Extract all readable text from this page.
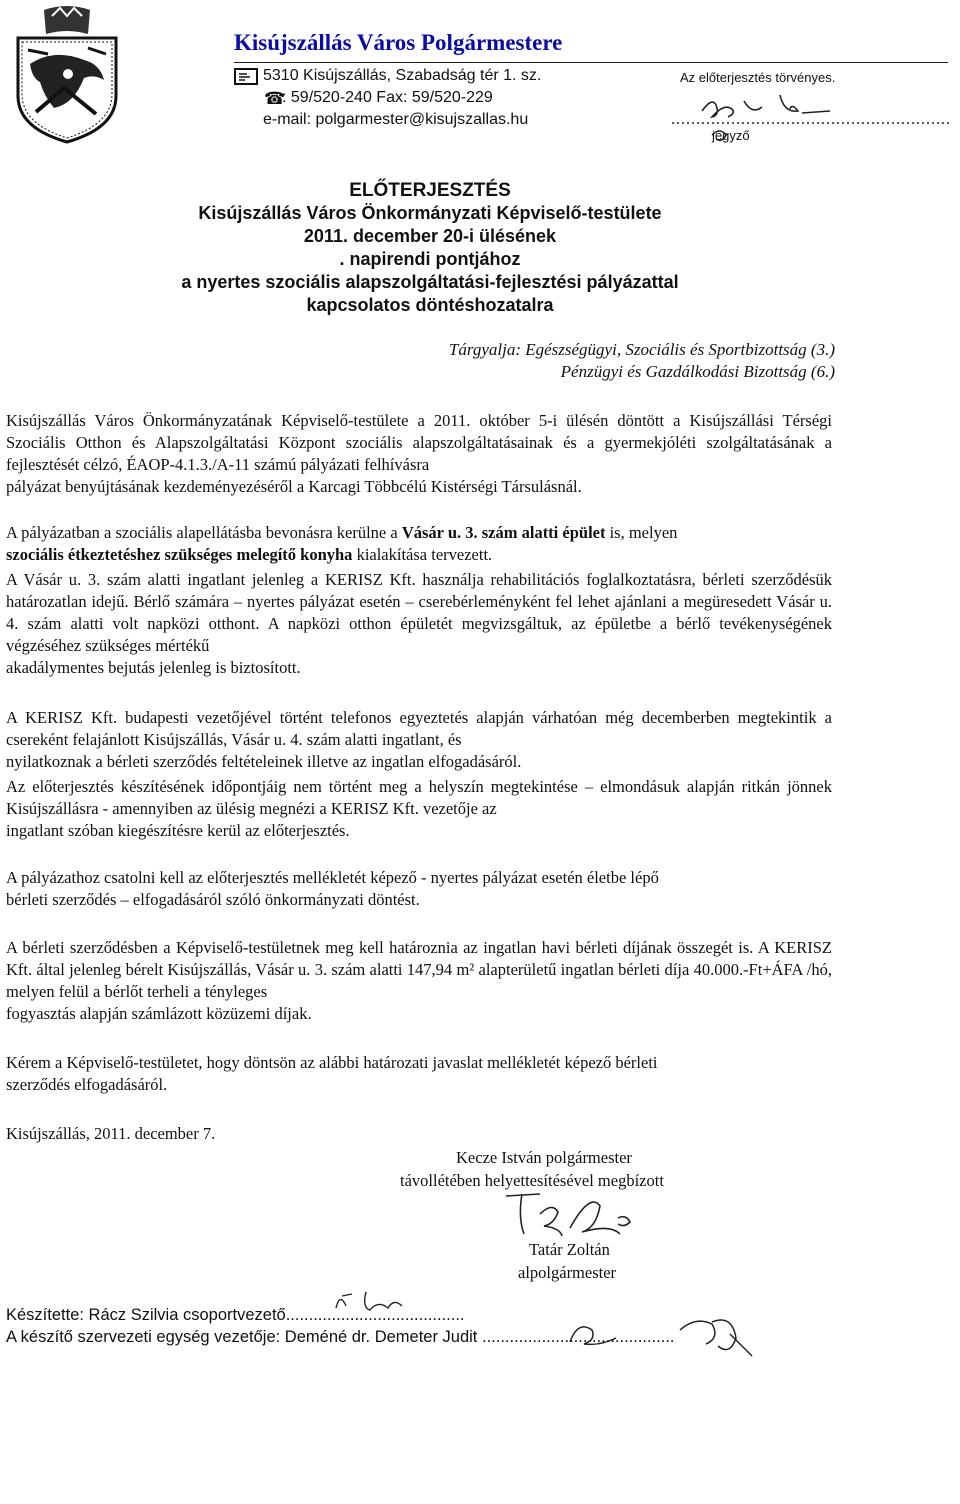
Kisújszállás Város Polgármestere
5310 Kisújszállás, Szabadság tér 1. sz.
☎
: 59/520-240 Fax: 59/520-229
e-mail: polgarmester@kisujszallas.hu
Az előterjesztés törvényes.
jegyző
ELŐTERJESZTÉS
Kisújszállás Város Önkormányzati Képviselő-testülete
2011. december 20-i ülésének
. napirendi pontjához
a nyertes szociális alapszolgáltatási-fejlesztési pályázattal
kapcsolatos döntéshozatalra
Tárgyalja: Egészségügyi, Szociális és Sportbizottság (3.)
Pénzügyi és Gazdálkodási Bizottság (6.)
Kisújszállás Város Önkormányzatának Képviselő-testülete a 2011. október 5-i ülésén döntött a Kisújszállási Térségi Szociális Otthon és Alapszolgáltatási Központ szociális alapszolgáltatásainak és a gyermekjóléti szolgáltatásának a fejlesztését célzó, ÉAOP-4.1.3./A-11 számú pályázati felhívásra
pályázat benyújtásának kezdeményezéséről a Karcagi Többcélú Kistérségi Társulásnál.
A pályázatban a szociális alapellátásba bevonásra kerülne a Vásár u. 3. szám alatti épület is, melyen
szociális étkeztetéshez szükséges melegítő konyha kialakítása tervezett.
A Vásár u. 3. szám alatti ingatlant jelenleg a KERISZ Kft. használja rehabilitációs foglalkoztatásra, bérleti szerződésük határozatlan idejű. Bérlő számára – nyertes pályázat esetén – cserebérleményként fel lehet ajánlani a megüresedett Vásár u. 4. szám alatti volt napközi otthont. A napközi otthon épületét megvizsgáltuk, az épületbe a bérlő tevékenységének végzéséhez szükséges mértékű
akadálymentes bejutás jelenleg is biztosított.
A KERISZ Kft. budapesti vezetőjével történt telefonos egyeztetés alapján várhatóan még decemberben megtekintik a csereként felajánlott Kisújszállás, Vásár u. 4. szám alatti ingatlant, és
nyilatkoznak a bérleti szerződés feltételeinek illetve az ingatlan elfogadásáról.
Az előterjesztés készítésének időpontjáig nem történt meg a helyszín megtekintése – elmondásuk alapján ritkán jönnek Kisújszállásra - amennyiben az ülésig megnézi a KERISZ Kft. vezetője az
ingatlant szóban kiegészítésre kerül az előterjesztés.
A pályázathoz csatolni kell az előterjesztés mellékletét képező - nyertes pályázat esetén életbe lépő
bérleti szerződés – elfogadásáról szóló önkormányzati döntést.
A bérleti szerződésben a Képviselő-testületnek meg kell határoznia az ingatlan havi bérleti díjának összegét is. A KERISZ Kft. által jelenleg bérelt Kisújszállás, Vásár u. 3. szám alatti 147,94 m² alapterületű ingatlan bérleti díja 40.000.-Ft+ÁFA /hó, melyen felül a bérlőt terheli a tényleges
fogyasztás alapján számlázott közüzemi díjak.
Kérem a Képviselő-testületet, hogy döntsön az alábbi határozati javaslat mellékletét képező bérleti
szerződés elfogadásáról.
Kisújszállás, 2011. december 7.
Kecze István polgármester
távollétében helyettesítésével megbízott
Tatár Zoltán
alpolgármester
Készítette: Rácz Szilvia csoportvezető.......................................
A készítő szervezeti egység vezetője: Deméné dr. Demeter Judit ..........................................
